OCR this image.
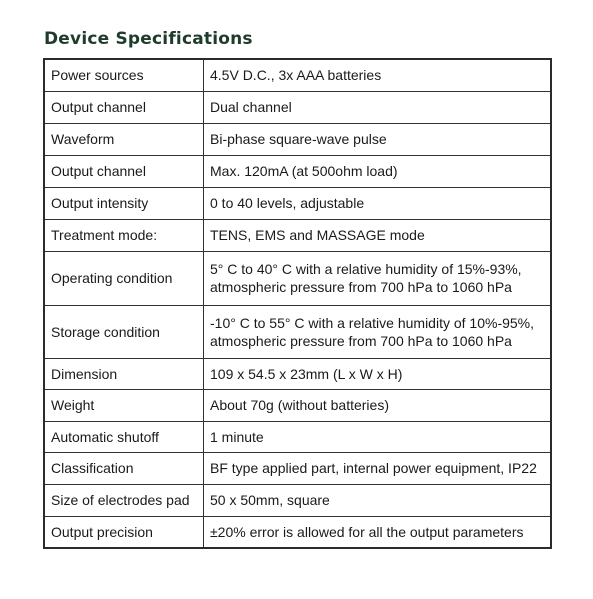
Device Specifications
Power sources	4.5V D.C., 3x AAA batteries
Output channel	Dual channel
Waveform	Bi-phase square-wave pulse
Output channel	Max. 120mA (at 500ohm load)
Output intensity	0 to 40 levels, adjustable
Treatment mode:	TENS, EMS and MASSAGE mode
Operating condition	5° C to 40° C with a relative humidity of 15%-93%,
atmospheric pressure from 700 hPa to 1060 hPa

Storage condition	-10° C to 55° C with a relative humidity of 10%-95%,
atmospheric pressure from 700 hPa to 1060 hPa

Dimension	109 x 54.5 x 23mm (L x W x H)
Weight	About 70g (without batteries)
Automatic shutoff	1 minute
Classification	BF type applied part, internal power equipment, IP22
Size of electrodes pad	50 x 50mm, square
Output precision	±20% error is allowed for all the output parameters
